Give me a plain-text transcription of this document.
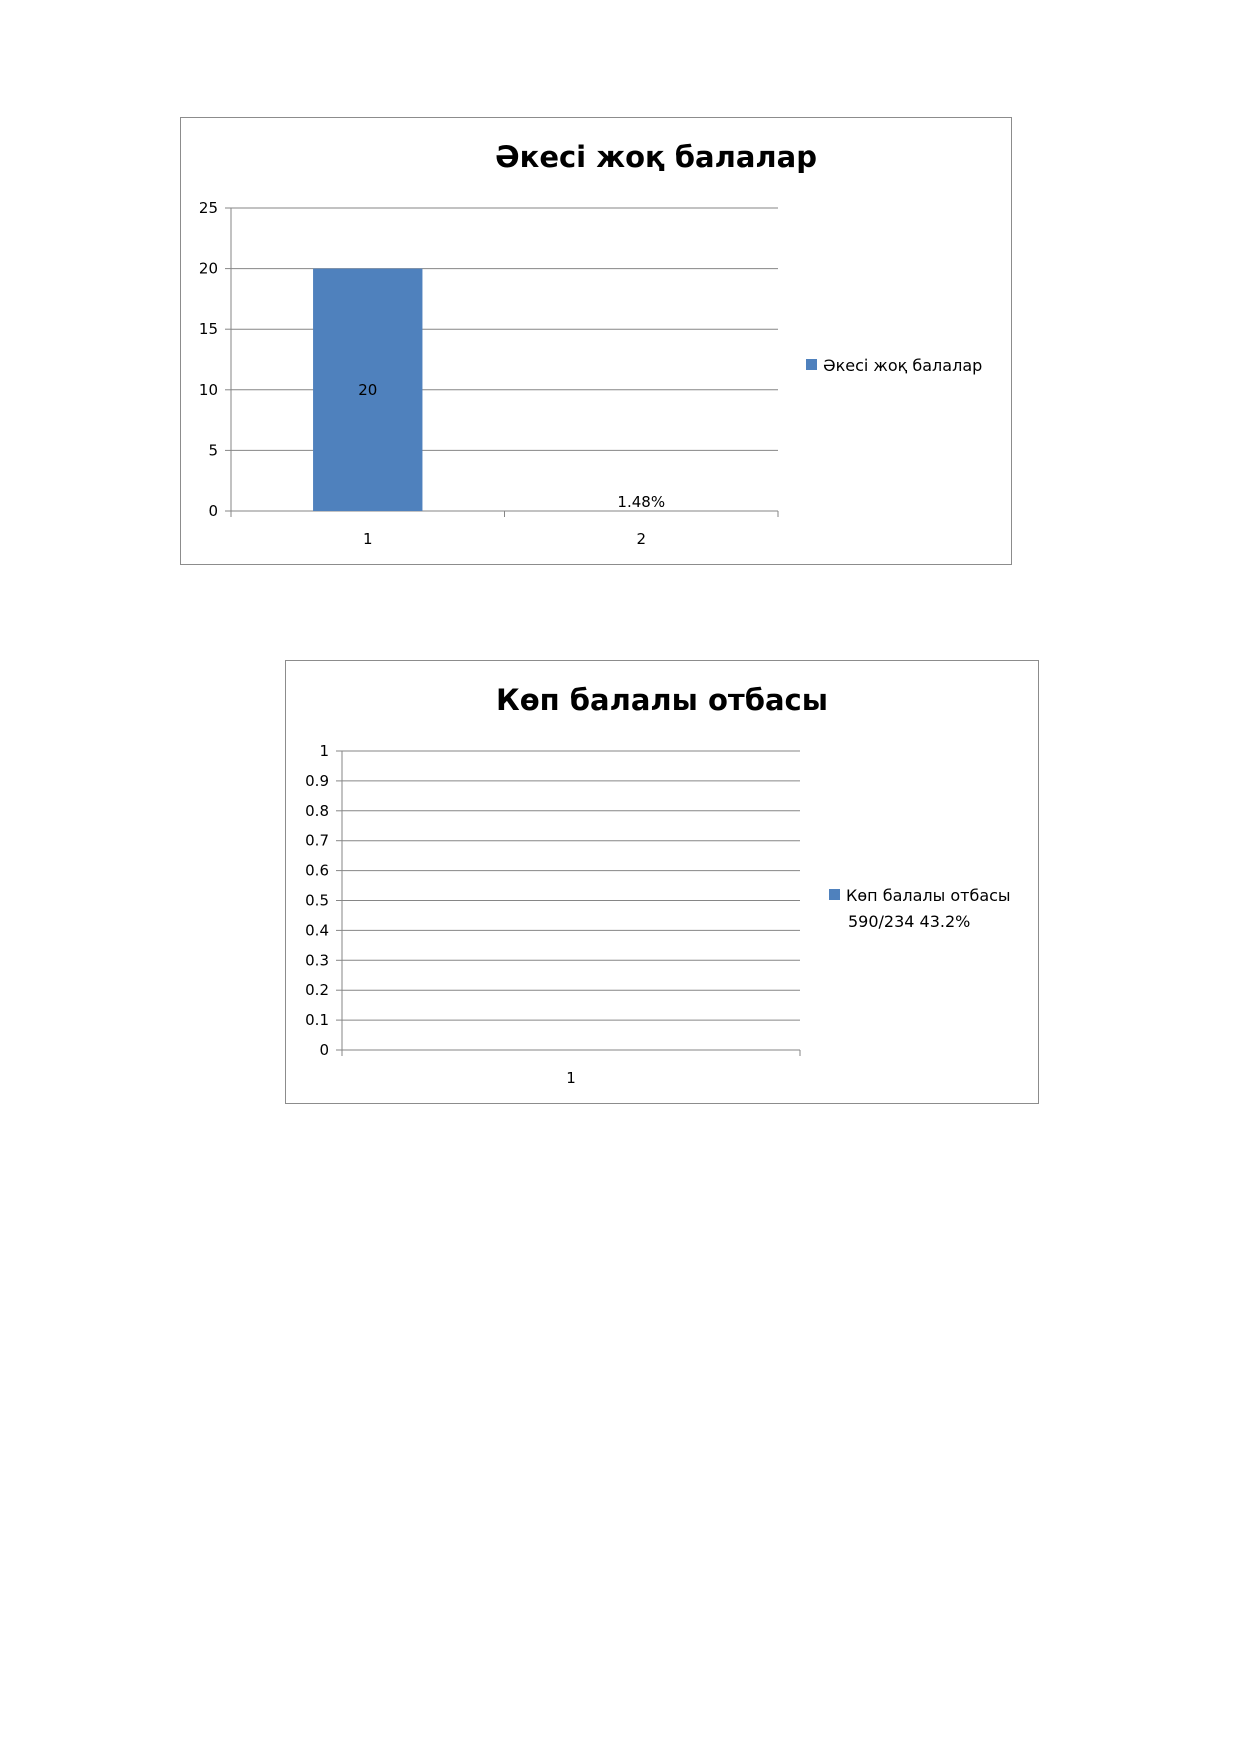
Әкесі жоқ балалар
0
5
10
15
20
25
1	2
20
1.48%
Әкесі жоқ балалар
Көп балалы отбасы
0
0.1
0.2
0.3
0.4
0.5
0.6
0.7
0.8
0.9
1
1
Көп балалы отбасы
590/234 43.2%
